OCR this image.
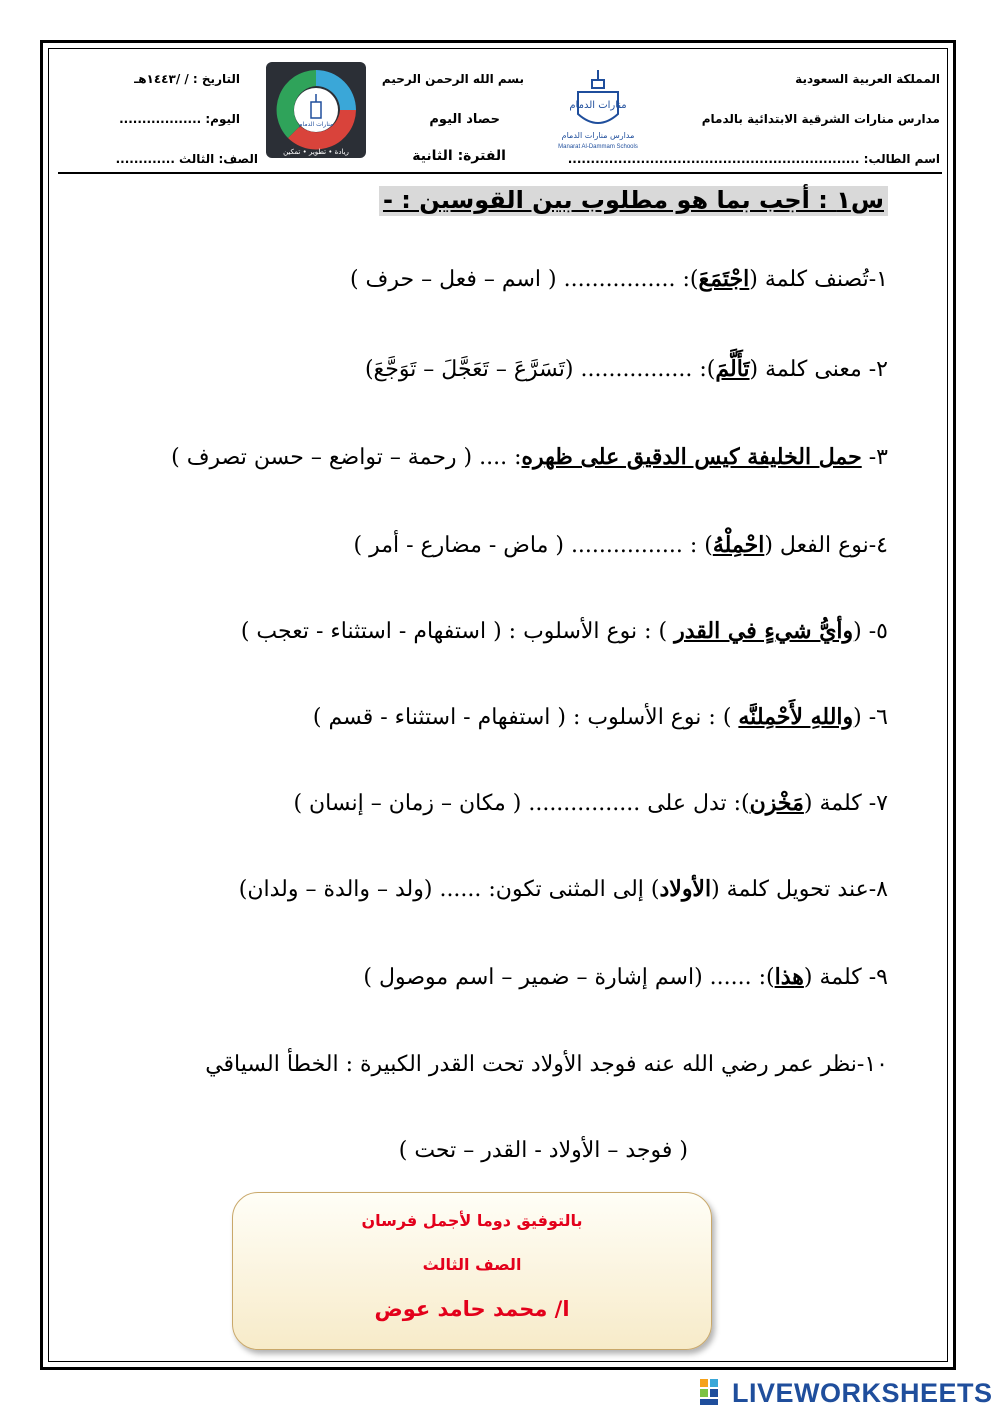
المملكة العربية السعودية
مدارس منارات الشرقية الابتدائية بالدمام
اسم الطالب: ................................................................
بسم الله الرحمن الرحيم
حصاد اليوم
الفترة: الثانية
التاريخ : / /١٤٤٣هـ
اليوم: ..................
الصف: الثالث .............
منارات الدمام
مدارس منارات الدمام
Manarat Al-Dammam Schools
منارات الدمام
ريادة • تطوير • تمكين
س١ : أجب بما هو مطلوب بين القوسين : -
١-تُصنف كلمة (اجْتَمَعَ): ................ ( اسم – فعل – حرف )
٢- معنى كلمة (تَأَلَّمَ): ................ (تَسَرَّعَ – تَعَجَّلَ – تَوَجَّعَ)
٣- حمل الخليفة كيس الدقيق على ظهره: .... ( رحمة – تواضع – حسن تصرف )
٤-نوع الفعل (احْمِلْهُ) : ................ ( ماض - مضارع - أمر )
٥- (وأيُّ شيءٍ في القدر ) : نوع الأسلوب : ( استفهام - استثناء - تعجب )
٦- (واللهِ لأَحْمِلنَّه ) : نوع الأسلوب : ( استفهام - استثناء - قسم )
٧- كلمة (مَخْزن): تدل على ................ ( مكان – زمان – إنسان )
٨-عند تحويل كلمة (الأولاد) إلى المثنى تكون: ...... (ولد – والدة – ولدان)
٩- كلمة (هذا): ...... (اسم إشارة – ضمير – اسم موصول )
١٠-نظر عمر رضي الله عنه فوجد الأولاد تحت القدر الكبيرة : الخطأ السياقي
( فوجد – الأولاد - القدر – تحت )
بالتوفيق دوما لأجمل فرسان
الصف الثالث
ا/ محمد حامد عوض
LIVEWORKSHEETS
